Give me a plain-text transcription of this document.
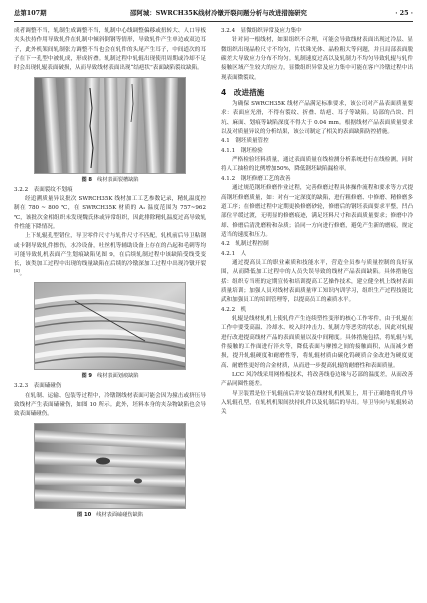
总第107期	邵阿城：SWRCH35K线材冷镦开裂问题分析与改进措施研究	· 25 ·

成者调整不当，轧制生成调整不当，轧制中心线调整偏移或扭转大、人口导板夹头扶持作用导致轧件在轧制中倾斜倒钢等情形，导致轧件产生单边或双边耳子，此外机架间轧制张力调整不当也会在轧件的头尾产生耳子，中间道次的耳子在下一孔型中被轧成，形成折叠。轧制过程中轧辊出现使用周期或冷却不足时会出现轧辊表面破损，从而导致线材表面出现“结疤状”表面缺陷裂纹缺陷。

图 8 线材表面裂槽缺陷

3.2.2　表面裂纹不划痕

经追溯质量异议批次 SWRCH35K 线材加工工艺参数记录，精轧温度控制在 780 ~ 800 ℃，在 SWRCH35K 材质的 A₁ 温度范围为 757~962 ℃，该批次金相组织未发现魏氏体或异常组织，因此排除精轧温度过高导致轧件性能下降情况。

上下轧辊孔型错位，导卫零件尺寸与轧件尺寸不匹配，轧机前后导卫粘钢或卡钢导致轧件擦伤，水冷设备，吐丝机等辅助设备上存在的凸起和毛刺等均可能导致轧机表面产生划痕缺陷见图 9，在后续轧制过程中该缺陷受线受变长，该类加工过程中出现的线量缺陷在后续的冷镦深加工过程中出现冷镦开裂[4]。

图 9 线材表面划痕缺陷

3.2.3　表面磕碰伤

在轧制、运输、包装等过程中，冷镦钢线材表面可能会因为撞击或挤压导致线材产生表面磕碰伤，如图 10 所示。此外，坯料本身的夹杂物缺陷也会导致表面磕碰伤。

图 10 线材表面磕碰伤缺陷

3.2.4　显微组织异常及应力集中

针对同一根线材，如果组织不合理，可能会导致线材表面出现过冷层、显微组织出现晶粒尺寸不均匀，片状珠光体、晶粒粗大等问题，并且局部表面脱碳差大导致应力分布不均匀。轧制速度过高以及轧制力不均匀导致轧辊与轧件接触区域产生较大的应力，显微组织异常及应力集中可能在客户冷镦过程中出现表面微裂纹。

4　改进措施

为确保 SWRCH35K 线材产品满足标准要求，该公司对产品表面质量要求：表面应光滑，不得有裂纹、折叠、结疤、耳子等缺陷。局部的凸块、凹坑、麻面、划痕等缺陷深度不得大于 0.04 mm。根据线材产品表面质量要求以及对质量异议的分析结果，该公司制定了相关的表面缺陷防控措施。

4.1　钢坯质量管控

4.1.1　钢坯检验

严格检验坯料质量，通过表面质量在线检测分析系统进行在线检测，同时将人工抽检的比例增加50%，降低钢坯缺陷漏检率。

4.1.2　钢坯修磨工艺的改善

通过规范钢坯修磨作业过程，完善修磨过程具体操作流程和要求等方式提高钢坯修磨质量，如：对有一定深度的缺陷，进行粗修磨、中修磨、精修磨多道工序；在修磨过程中定期更换修磨砂轮，修磨后的钢坯表面要求平整，凹凸部位平缓过渡，无明显的修磨痕迹，满足坯料尺寸和表面质量要求；修磨中冷却、修磨后清洗磨粉和杂质；沿同一方向进行修磨，避免产生新的磨痕，规定适当的速度和压力。

4.2　轧制过程控制

4.2.1　人

通过提高员工的职业素质和技能水平，营造全员参与质量控制的良好氛围，从而降低加工过程中的人员失误导致的线材产品表面缺陷。具体措施包括：组织专当班的定期宣传和培训提高工艺操作技术，建立健全机上线材表面质量培训；加强人员对线材表面质量审工知识内训学习，组织生产过程技能比武和加强员工的培训管理等，以提高员工的素质水平。

4.2.2　机

轧辊是线材轧机上使轧件产生连续塑性变形的核心工作零件，由于轧辊在工作中要受高温、冷却水、咬入时冲击力、轧制力等恶劣的状态，因此对轧辊进行改进提高线材产品的表面质量以及中间精度。具体措施包括，将轧辊与轧件接触的工作面进行淬火等，降低表面与摩擦之间的接触面积，从而减少磨损，提升轧辊硬度和耐磨性等，将轧辊材质由碳化钨硬质合金改进为硬度更高、耐磨性更好的合金材质，从而进一步提高轧辊的耐磨性和表面质量。

LCC 风冷线采用网格板技术，将改善线卷边缘与芯部的温度差，从而改善产品同圈性能差。

导卫装置是位于轧辊前后并安装在线材轧机机架上，用于正确地将轧件导入轧辊孔型，在轧机机架间扶持轧件以及轧制后的导出。导卫导向与轧辊转动关
